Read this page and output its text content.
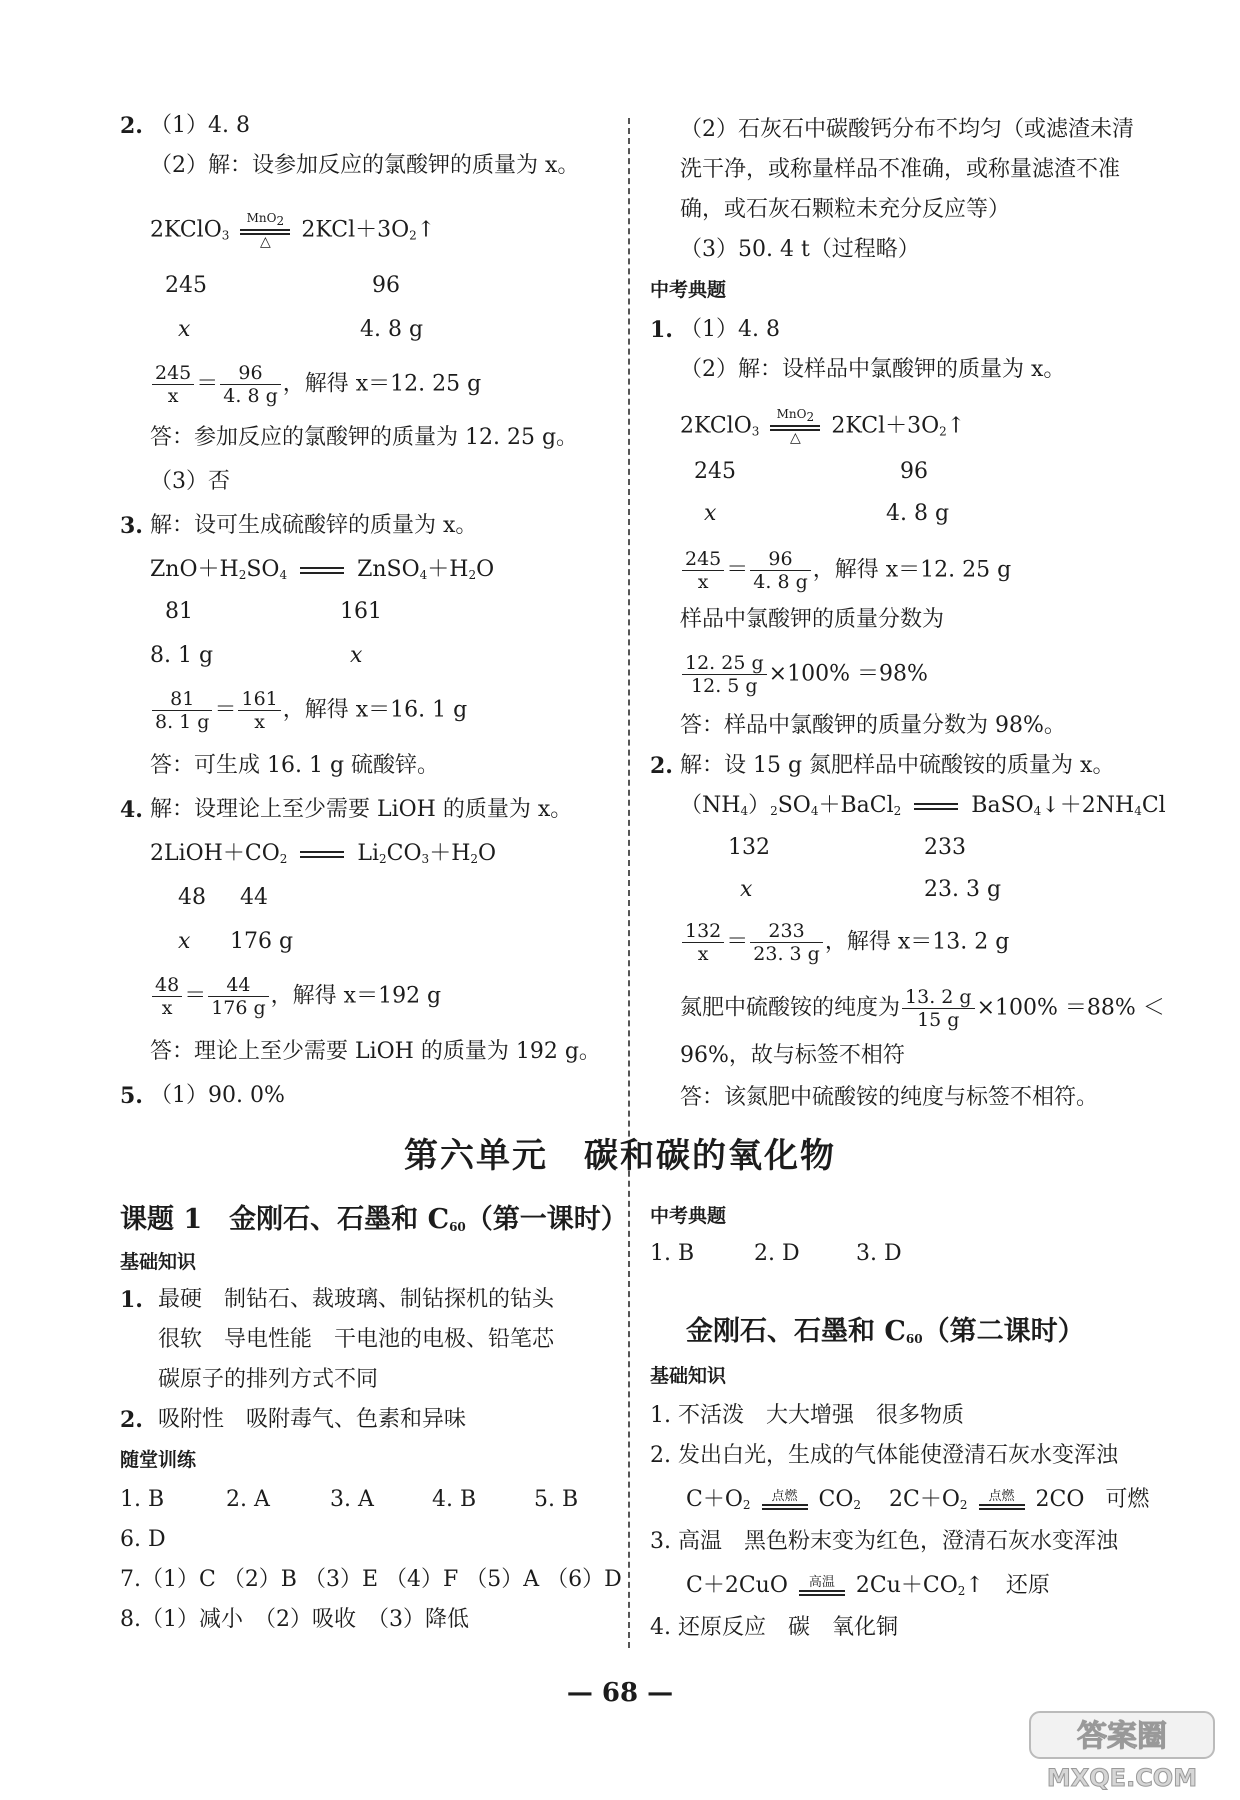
2. （1）4. 8
（2）解：设参加反应的氯酸钾的质量为 x。
2KClO$_3$
MnO$_2$
△	$2KCl+3O_2↑$
245	96
x	4. 8 g
$\frac{245}{x} = \frac{96}{4. 8 g}$ ，解得 x＝12. 25 g
答：参加反应的氯酸钾的质量为 12. 25 g。
（3）否
3. 解：设可生成硫酸锌的质量为 x。
$ZnO+H_2SO_4$	$ZnSO_4+H_2O$
81	161
8. 1 g	x
$\frac{81}{8. 1 g} = \frac{161}{x}$ ，解得 x＝16. 1 g
答：可生成 16. 1 g 硫酸锌。
4. 解：设理论上至少需要 LiOH 的质量为 x。
$2LiOH+CO_2$	$Li_2CO_3+H_2O$
48 44
x 176 g
$\frac{48}{x} = \frac{44}{176 g}$ ，解得 x＝192 g
答：理论上至少需要 LiOH 的质量为 192 g。
5. （1）90. 0%
（2）石灰石中碳酸钙分布不均匀（或滤渣未清
洗干净，或称量样品不准确，或称量滤渣不准
确，或石灰石颗粒未充分反应等）
（3）50. 4 t（过程略）
中考典题
1. （1）4. 8
（2）解：设样品中氯酸钾的质量为 x。
2KClO$_3$
MnO$_2$
△	$2KCl+3O_2↑$
245	96
x	4. 8 g
$\frac{245}{x} = \frac{96}{4. 8 g}$ ，解得 x＝12. 25 g
样品中氯酸钾的质量分数为
$\frac{12. 25 g}{12. 5 g} \times 100\% =98\%$
答：样品中氯酸钾的质量分数为 98%。
2. 解：设 15 g 氮肥样品中硫酸铵的质量为 x。
$(NH_4)_2SO_4+BaCl_2$	$BaSO_4↓+2NH_4Cl$
132	233
x	23. 3 g
$\frac{132}{x} = \frac{233}{23. 3 g}$ ，解得 x＝13. 2 g
氮肥中硫酸铵的纯度为 $\frac{13. 2 g}{15 g} \times 100\% =88\%$ ＜
96%，故与标签不相符
答：该氮肥中硫酸铵的纯度与标签不相符。
第六单元　碳和碳的氧化物
课题 1　金刚石、石墨和 $C_{60}$（第一课时）
基础知识
1. 最硬　制钻石、裁玻璃、制钻探机的钻头
很软　导电性能　干电池的电极、铅笔芯
碳原子的排列方式不同
2. 吸附性　吸附毒气、色素和异味
随堂训练
1. B	2. A	3. A	4. B	5. B
6. D
7.（1）C （2）B （3）E （4）F （5）A （6）D
8.（1）减小　（2）吸收　（3）降低
中考典题
1. B	2. D	3. D
金刚石、石墨和 $C_{60}$（第二课时）
基础知识
1. 不活泼　大大增强　很多物质
2. 发出白光，生成的气体能使澄清石灰水变浑浊
$C+O_2$
点燃 $CO_2$ $2C+O_2$
点燃 2CO 可燃
3. 高温　黑色粉末变为红色，澄清石灰水变浑浊
C＋2CuO	高温 $2Cu+CO_2↑$　还原
4. 还原反应　碳　氧化铜
— 68 —
答案圈
MXQE.COM
